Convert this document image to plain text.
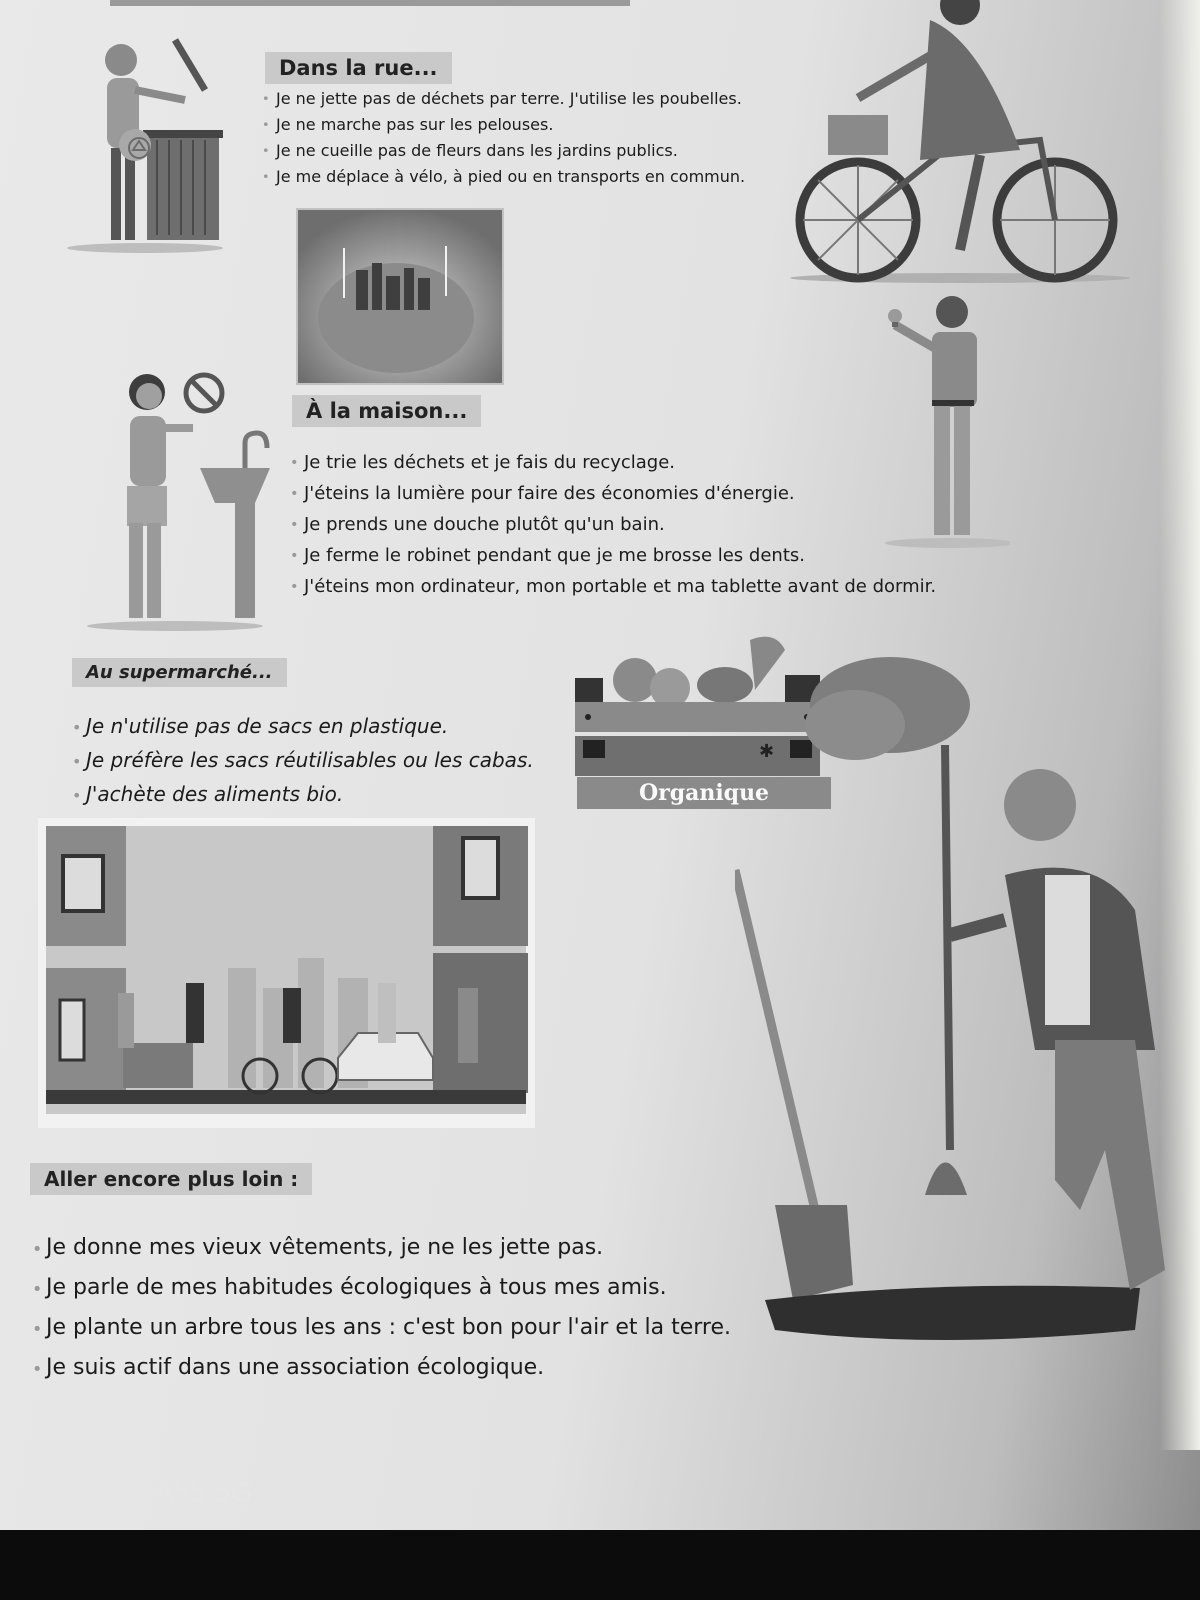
Dans la rue...
• Je ne jette pas de déchets par terre. J'utilise les poubelles.
• Je ne marche pas sur les pelouses.
• Je ne cueille pas de fleurs dans les jardins publics.
• Je me déplace à vélo, à pied ou en transports en commun.
À la maison...
• Je trie les déchets et je fais du recyclage.
• J'éteins la lumière pour faire des économies d'énergie.
• Je prends une douche plutôt qu'un bain.
• Je ferme le robinet pendant que je me brosse les dents.
• J'éteins mon ordinateur, mon portable et ma tablette avant de dormir.
Au supermarché...
• Je n'utilise pas de sacs en plastique.
• Je préfère les sacs réutilisables ou les cabas.
• J'achète des aliments bio.
✱
Organique
Aller encore plus loin :
• Je donne mes vieux vêtements, je ne les jette pas.
• Je parle de mes habitudes écologiques à tous mes amis.
• Je plante un arbre tous les ans : c'est bon pour l'air et la terre.
• Je suis actif dans une association écologique.
Galaxy A55 5G
